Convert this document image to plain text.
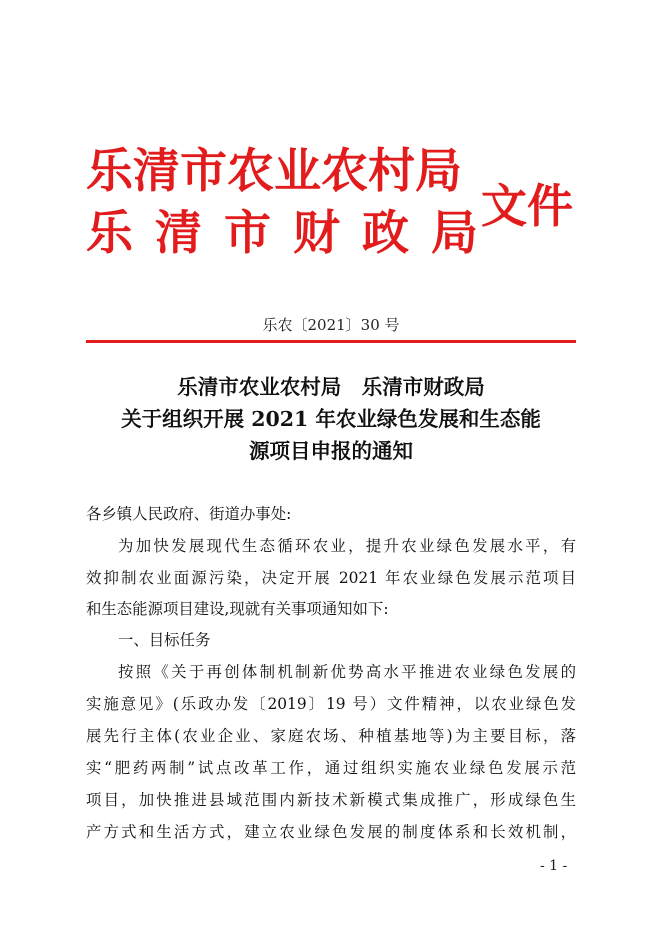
乐清市农业农村局
乐清市财政局
文件
乐农〔2021〕30 号
乐清市农业农村局　乐清市财政局
关于组织开展 2021 年农业绿色发展和生态能
源项目申报的通知
各乡镇人民政府、街道办事处:
为加快发展现代生态循环农业，提升农业绿色发展水平，有
效抑制农业面源污染，决定开展 2021 年农业绿色发展示范项目
和生态能源项目建设,现就有关事项通知如下:
一、目标任务
按照《关于再创体制机制新优势高水平推进农业绿色发展的
实施意见》(乐政办发〔2019〕19 号）文件精神，以农业绿色发
展先行主体(农业企业、家庭农场、种植基地等)为主要目标，落
实“肥药两制”试点改革工作，通过组织实施农业绿色发展示范
项目，加快推进县域范围内新技术新模式集成推广，形成绿色生
产方式和生活方式，建立农业绿色发展的制度体系和长效机制，
- 1 -
